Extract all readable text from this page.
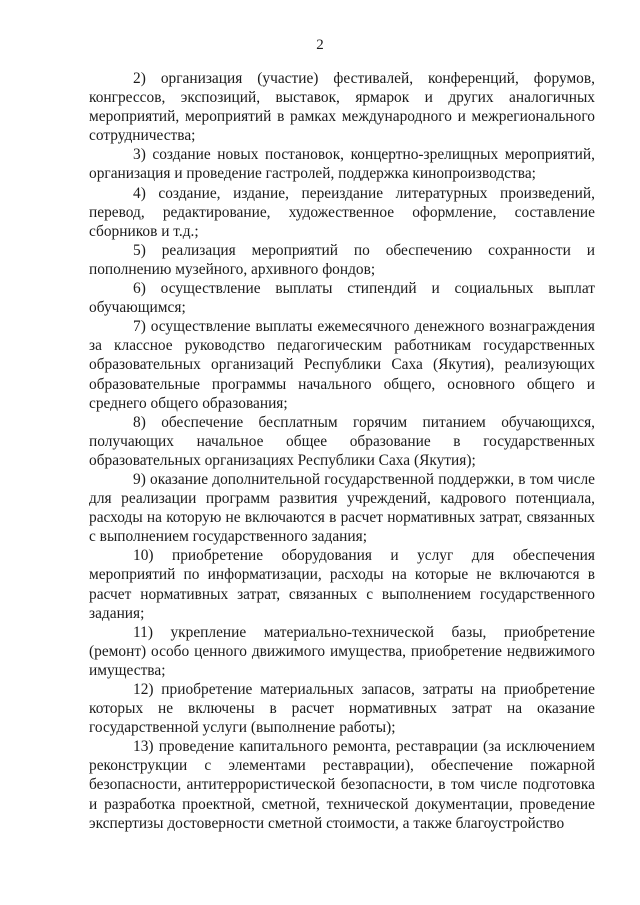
2

2) организация (участие) фестивалей, конференций, форумов, конгрессов, экспозиций, выставок, ярмарок и других аналогичных мероприятий, мероприятий в рамках международного и межрегионального сотрудничества;

3) создание новых постановок, концертно-зрелищных мероприятий, организация и проведение гастролей, поддержка кинопроизводства;

4) создание, издание, переиздание литературных произведений, перевод, редактирование, художественное оформление, составление сборников и т.д.;

5) реализация мероприятий по обеспечению сохранности и пополнению музейного, архивного фондов;

6) осуществление выплаты стипендий и социальных выплат обучающимся;

7) осуществление выплаты ежемесячного денежного вознаграждения за классное руководство педагогическим работникам государственных образовательных организаций Республики Саха (Якутия), реализующих образовательные программы начального общего, основного общего и среднего общего образования;

8) обеспечение бесплатным горячим питанием обучающихся, получающих начальное общее образование в государственных образовательных организациях Республики Саха (Якутия);

9) оказание дополнительной государственной поддержки, в том числе для реализации программ развития учреждений, кадрового потенциала, расходы на которую не включаются в расчет нормативных затрат, связанных с выполнением государственного задания;

10) приобретение оборудования и услуг для обеспечения мероприятий по информатизации, расходы на которые не включаются в расчет нормативных затрат, связанных с выполнением государственного задания;

11) укрепление материально-технической базы, приобретение (ремонт) особо ценного движимого имущества, приобретение недвижимого имущества;

12) приобретение материальных запасов, затраты на приобретение которых не включены в расчет нормативных затрат на оказание государственной услуги (выполнение работы);

13) проведение капитального ремонта, реставрации (за исключением реконструкции с элементами реставрации), обеспечение пожарной безопасности, антитеррористической безопасности, в том числе подготовка и разработка проектной, сметной, технической документации, проведение экспертизы достоверности сметной стоимости, а также благоустройство
